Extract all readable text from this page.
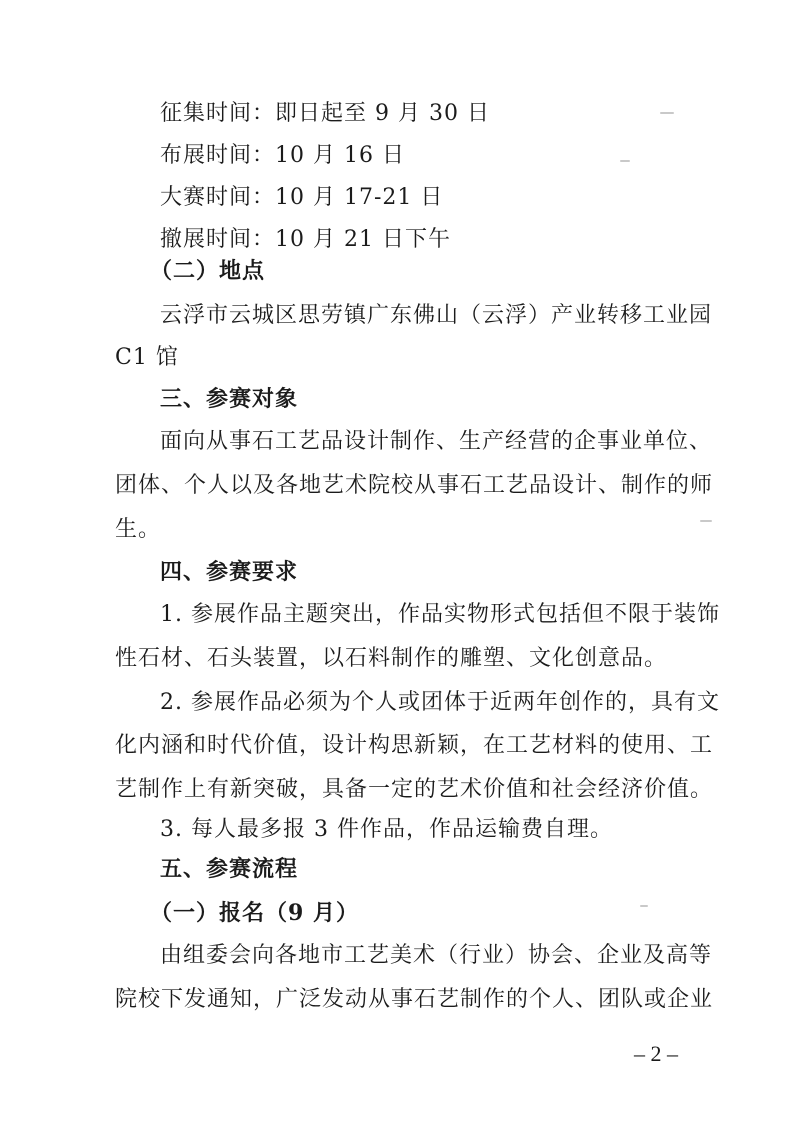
征集时间：即日起至 9 月 30 日
布展时间：10 月 16 日
大赛时间：10 月 17-21 日
撤展时间：10 月 21 日下午
（二）地点
云浮市云城区思劳镇广东佛山（云浮）产业转移工业园
C1 馆
三、参赛对象
面向从事石工艺品设计制作、生产经营的企事业单位、
团体、个人以及各地艺术院校从事石工艺品设计、制作的师
生。
四、参赛要求
1. 参展作品主题突出，作品实物形式包括但不限于装饰
性石材、石头装置，以石料制作的雕塑、文化创意品。
2. 参展作品必须为个人或团体于近两年创作的，具有文
化内涵和时代价值，设计构思新颖，在工艺材料的使用、工
艺制作上有新突破，具备一定的艺术价值和社会经济价值。
3. 每人最多报 3 件作品，作品运输费自理。
五、参赛流程
（一）报名（9 月）
由组委会向各地市工艺美术（行业）协会、企业及高等
院校下发通知，广泛发动从事石艺制作的个人、团队或企业
– 2 –
